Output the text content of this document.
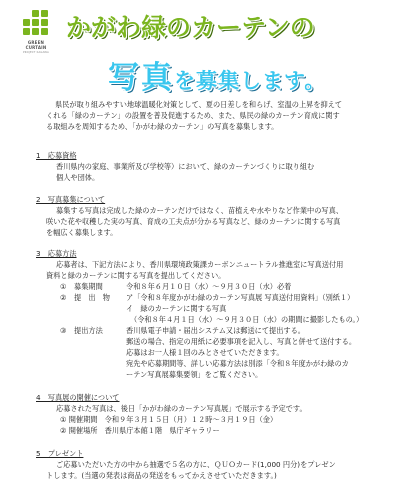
GREEN
CURTAIN
PROJECT KAGAWA
かがわ緑のカーテンの
写真を募集します。
県民が取り組みやすい地球温暖化対策として、夏の日差しを和らげ、室温の上昇を抑えて
くれる「緑のカーテン」の設置を普及促進するため、また、県民の緑のカーテン育成に関す
る取組みを周知するため、「かがわ緑のカーテン」の写真を募集します。
1　応募資格
香川県内の家庭、事業所及び学校等）において、緑のカーテンづくりに取り組む
個人や団体。
2　写真募集について
募集する写真は完成した緑のカーテンだけではなく、苗植えや水やりなど作業中の写真、
咲いた花や収穫した実の写真、育成の工夫点が分かる写真など、緑のカーテンに関する写真
を幅広く募集します。
3　応募方法
応募者は、下記方法により、香川県環境政策課カーボンニュートラル推進室に写真送付用
資料と緑のカーテンに関する写真を提出してください。
① 募集期間	令和８年６月１０日（水）～９月３０日（水）必着
② 提　出　物 ア「令和８年度かがわ緑のカーテン写真展 写真送付用資料」（別紙１）
イ　緑のカーテンに関する写真
（令和８年４月１日（水）～９月３０日（水）の期間に撮影したもの。）
③ 提出方法	香川県電子申請・届出システム又は郵送にて提出する。
郵送の場合、指定の用紙に必要事項を記入し、写真と併せて送付する。
応募はお一人様１回のみとさせていただきます。
宛先や応募期間等、詳しい応募方法は別添「令和８年度かがわ緑のカ
ーテン写真展募集要領」をご覧ください。
4　写真展の開催について
応募された写真は、後日「かがわ緑のカーテン写真展」で展示する予定です。
① 開催期間　令和９年３月１５日（月）１２時～３月１９日（金）
② 開催場所　香川県庁本館１階　県庁ギャラリー
5　プレゼント
ご応募いただいた方の中から抽選で５名の方に、ＱＵＯカード(1,000 円分)をプレゼン
トします。(当選の発表は商品の発送をもってかえさせていただきます。)
